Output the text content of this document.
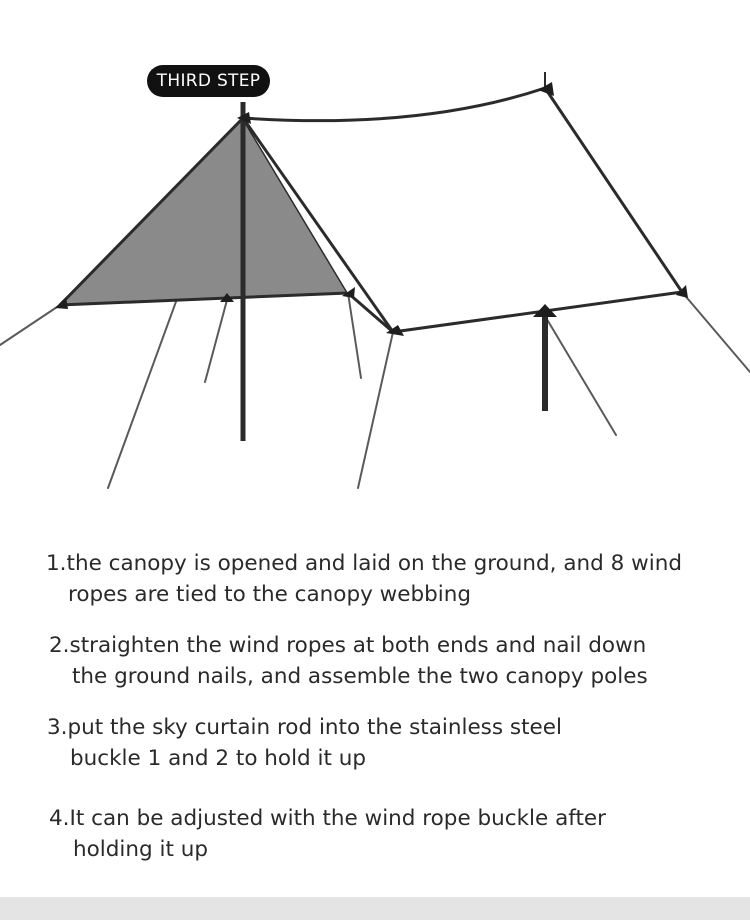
THIRD STEP
1.the canopy is opened and laid on the ground, and 8 wind
ropes are tied to the canopy webbing
2.straighten the wind ropes at both ends and nail down
the ground nails, and assemble the two canopy poles
3.put the sky curtain rod into the stainless steel
buckle 1 and 2 to hold it up
4.It can be adjusted with the wind rope buckle after
holding it up
